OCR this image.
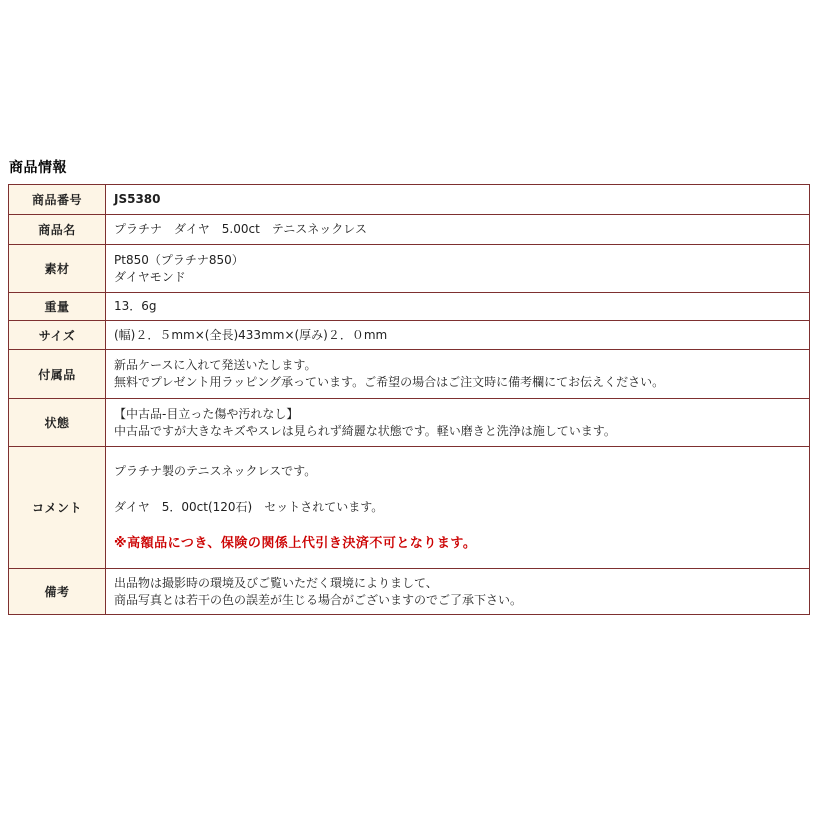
商品情報
商品番号	JS5380
商品名	プラチナ　ダイヤ　5.00ct　テニスネックレス
素材	Pt850（プラチナ850）
ダイヤモンド
重量	13．6g
サイズ	(幅)２．５mm×(全長)433mm×(厚み)２．０mm
付属品	新品ケースに入れて発送いたします。
無料でプレゼント用ラッピング承っています。ご希望の場合はご注文時に備考欄にてお伝えください。
状態	【中古品-目立った傷や汚れなし】
中古品ですが大きなキズやスレは見られず綺麗な状態です。軽い磨きと洗浄は施しています。
コメント	プラチナ製のテニスネックレスです。

ダイヤ　5．00ct(120石)　セットされています。

※高額品につき、保険の関係上代引き決済不可となります。

備考	出品物は撮影時の環境及びご覧いただく環境によりまして、
商品写真とは若干の色の誤差が生じる場合がございますのでご了承下さい。
